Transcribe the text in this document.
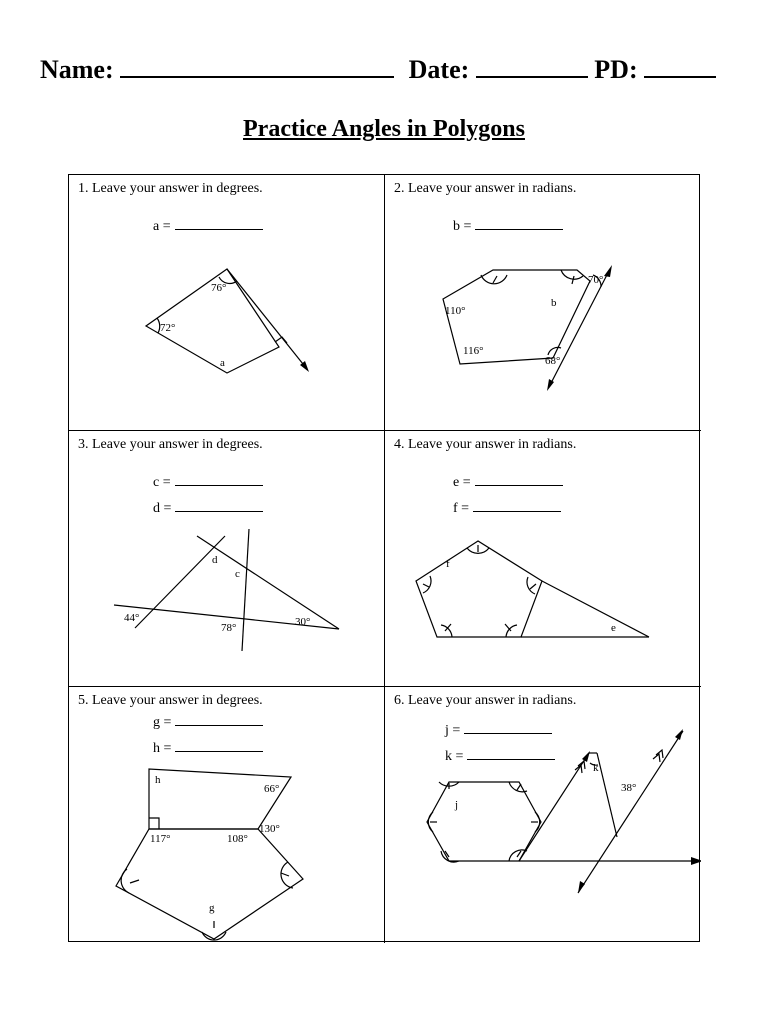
Name:	Date:	PD:
Practice Angles in Polygons
1. Leave your answer in degrees.
a =
76°
72°
a
2. Leave your answer in radians.
b =
70°
110°
116°
68°
b
3. Leave your answer in degrees.
c =
d =
44°
78°	30°
d
c
4. Leave your answer in radians.
e =
f =
f
e
5. Leave your answer in degrees.
g =
h =
h
66°
117°	108°
130°
g
6. Leave your answer in radians.
j =
k =
j
k
38°
